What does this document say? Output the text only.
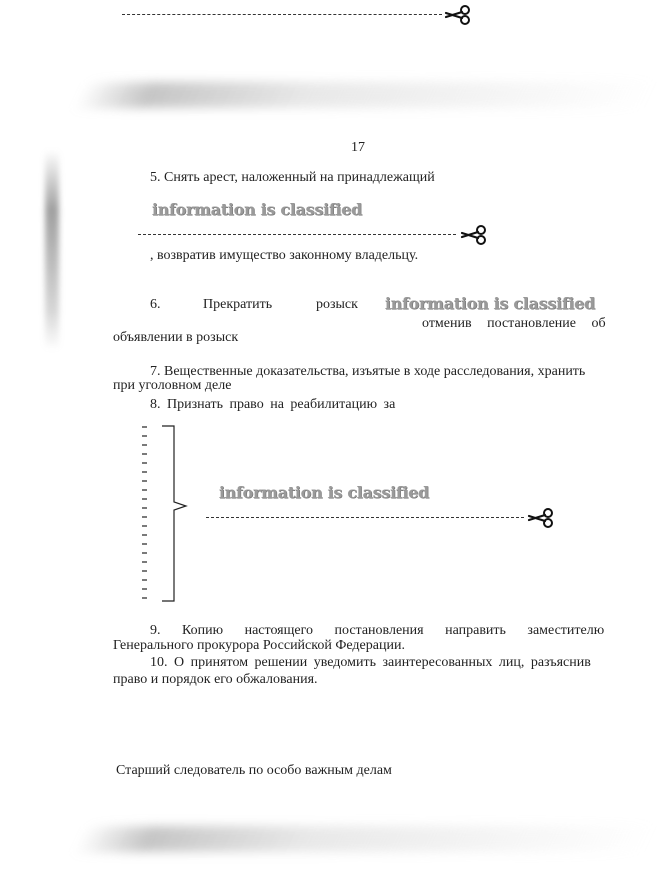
17
5. Снять арест, наложенный на принадлежащий
information is classified
, возвратив имущество законному владельцу.
6.	Прекратить	розыск information is classified
отменив постановление об
объявлении в розыск
7. Вещественные доказательства, изъятые в ходе расследования, хранить
при уголовном деле
8. Признать право на реабилитацию за
information is classified
9. Копию настоящего постановления направить заместителю
Генерального прокурора Российской Федерации.
10. О принятом решении уведомить заинтересованных лиц, разъяснив
право и порядок его обжалования.
Старший следователь по особо важным делам
